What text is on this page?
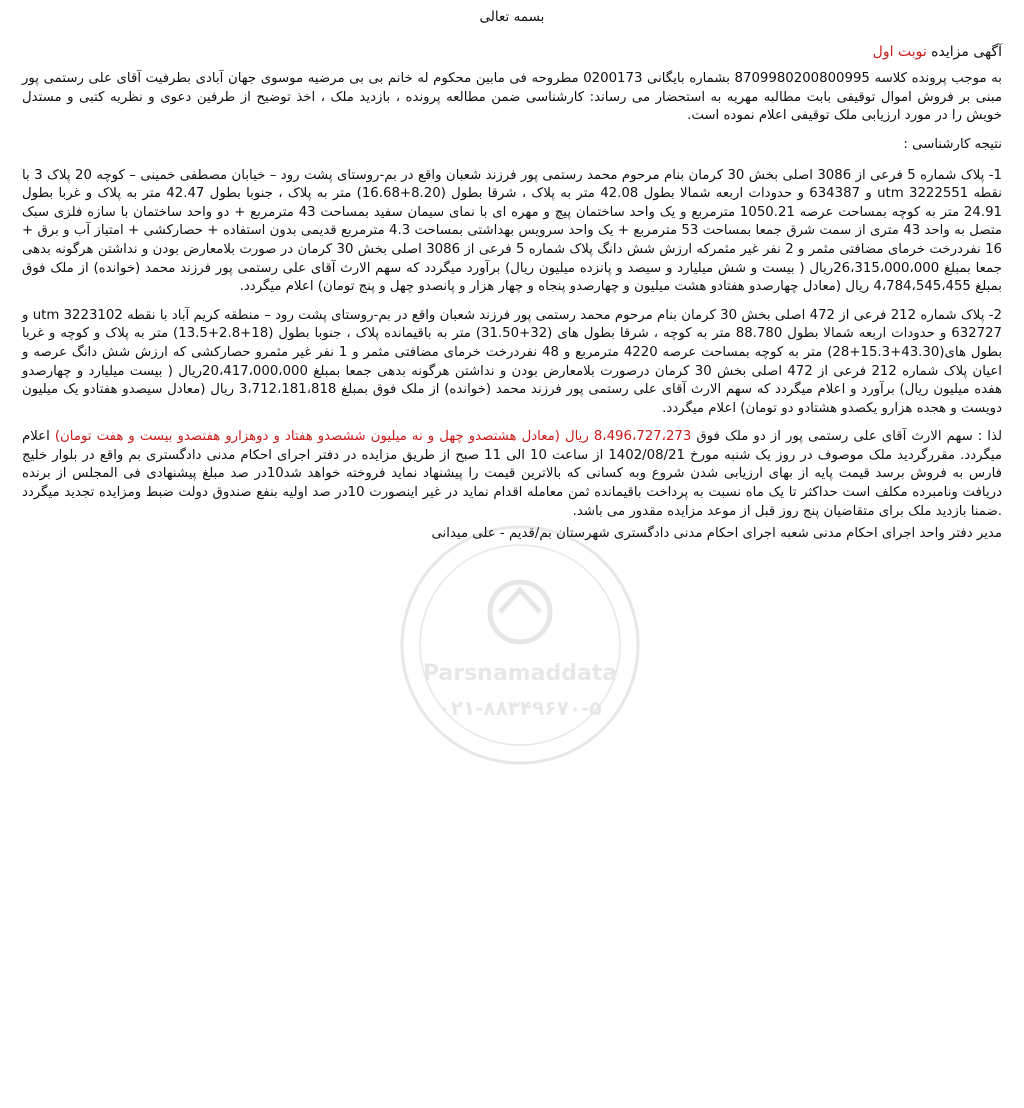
بسمه تعالی
آگهی مزایده نوبت اول

به موجب پرونده کلاسه 8709980200800995 بشماره بایگانی 0200173 مطروحه فی مابین محکوم له خانم بی بی مرضیه موسوی جهان آبادی بطرفیت آقای علی رستمی پور مبنی بر فروش اموال توقیفی بابت مطالبه مهریه به استحضار می رساند: کارشناسی ضمن مطالعه پرونده ، بازدید ملک ، اخذ توضیح از طرفین دعوی و نظریه کتبی و مستدل خویش را در مورد ارزیابی ملک توقیفی اعلام نموده است.

نتیجه کارشناسی :

1- پلاک شماره 5 فرعی از 3086 اصلی بخش 30 کرمان بنام مرحوم محمد رستمی پور فرزند شعبان واقع در بم-روستای پشت رود – خیابان مصطفی خمینی – کوچه 20 پلاک 3 با نقطه utm 3222551 و 634387 و حدودات اربعه شمالا بطول 42.08 متر به پلاک ، شرقا بطول (8.20+16.68) متر به پلاک ، جنوبا بطول 42.47 متر به پلاک و غربا بطول 24.91 متر به کوچه بمساحت عرصه 1050.21 مترمربع و یک واحد ساختمان پیچ و مهره ای با نمای سیمان سفید بمساحت 43 مترمربع + دو واحد ساختمان با سازه فلزی سبک متصل به واحد 43 متری از سمت شرق جمعا بمساحت 53 مترمربع + یک واحد سرویس بهداشتی بمساحت 4.3 مترمربع قدیمی بدون استفاده + حصارکشی + امتیاز آب و برق + 16 نفردرخت خرمای مضافتی مثمر و 2 نفر غیر مثمرکه ارزش شش دانگ پلاک شماره 5 فرعی از 3086 اصلی بخش 30 کرمان در صورت بلامعارض بودن و نداشتن هرگونه بدهی جمعا بمبلغ 26،315،000،000ریال ( بیست و شش میلیارد و سیصد و پانزده میلیون ریال) برآورد میگردد که سهم الارث آقای علی رستمی پور فرزند محمد (خوانده) از ملک فوق بمبلغ 4،784،545،455 ریال (معادل چهارصدو هفتادو هشت میلیون و چهارصدو پنجاه و چهار هزار و پانصدو چهل و پنج تومان) اعلام میگردد.

2- پلاک شماره 212 فرعی از 472 اصلی بخش 30 کرمان بنام مرحوم محمد رستمی پور فرزند شعبان واقع در بم-روستای پشت رود – منطقه کریم آباد با نقطه utm 3223102 و 632727 و حدودات اربعه شمالا بطول 88.780 متر به کوچه ، شرقا بطول های (32+31.50) متر به باقیمانده پلاک ، جنوبا بطول (18+2.8+13.5) متر به پلاک و کوچه و غربا بطول های(43.30+15.3+28) متر به کوچه بمساحت عرصه 4220 مترمربع و 48 نفردرخت خرمای مضافتی مثمر و 1 نفر غیر مثمرو حصارکشی که ارزش شش دانگ عرصه و اعیان پلاک شماره 212 فرعی از 472 اصلی بخش 30 کرمان درصورت بلامعارض بودن و نداشتن هرگونه بدهی جمعا بمبلغ 20،417،000،000ریال ( بیست میلیارد و چهارصدو هفده میلیون ریال) برآورد و اعلام میگردد که سهم الارث آقای علی رستمی پور فرزند محمد (خوانده) از ملک فوق بمبلغ 3،712،181،818 ریال (معادل سیصدو هفتادو یک میلیون دویست و هجده هزارو یکصدو هشتادو دو تومان) اعلام میگردد.

لذا : سهم الارث آقای علی رستمی پور از دو ملک فوق 8،496،727،273 ریال (معادل هشتصدو چهل و نه میلیون ششصدو هفتاد و دوهزارو هفتصدو بیست و هفت تومان) اعلام میگردد. مقررگردید ملک موصوف در روز یک شنبه مورخ 1402/08/21 از ساعت 10 الی 11 صبح از طریق مزایده در دفتر اجرای احکام مدنی دادگستری بم واقع در بلوار خلیج فارس به فروش برسد قیمت پایه از بهای ارزیابی شدن شروع وبه کسانی که بالاترین قیمت را پیشنهاد نماید فروخته خواهد شد10در صد مبلغ پیشنهادی فی المجلس از برنده دریافت ونامبرده مکلف است حداکثر تا یک ماه نسبت به پرداخت باقیمانده ثمن معامله اقدام نماید در غیر اینصورت 10در صد اولیه بنفع صندوق دولت ضبط ومزایده تجدید میگردد .ضمنا بازدید ملک برای متقاضیان پنج روز قبل از موعد مزایده مقدور می باشد.

مدیر دفتر واحد اجرای احکام مدنی شعبه اجرای احکام مدنی دادگستری شهرستان بم/قدیم - علی میدانی

Parsnamaddata
۰۲۱-۸۸۳۴۹۶۷۰-۵
